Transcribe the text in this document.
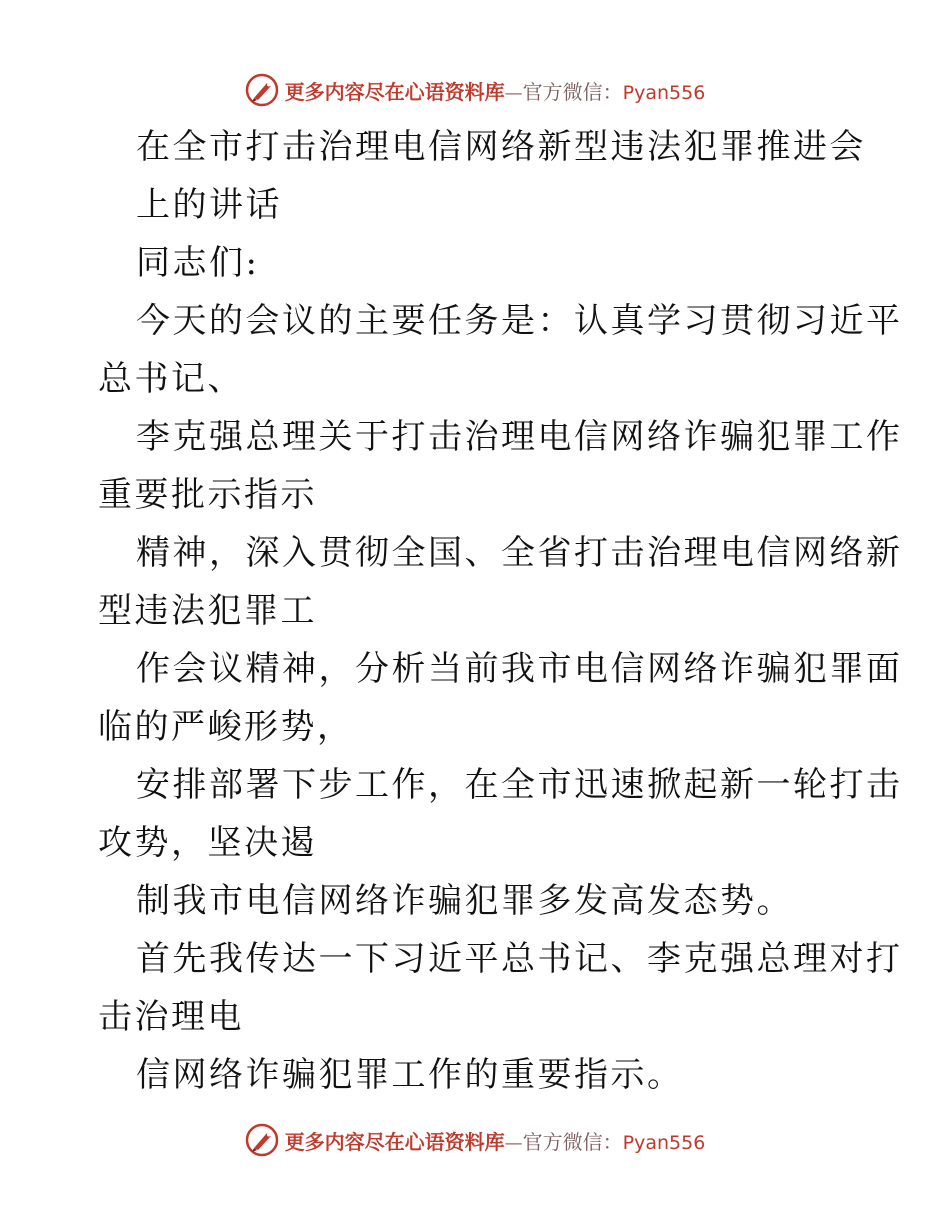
更多内容尽在心语资料库 — 官方微信： Pyan556
在全市打击治理电信网络新型违法犯罪推进会
上的讲话
同志们:
今天的会议的主要任务是：认真学习贯彻习近平
总书记、
李克强总理关于打击治理电信网络诈骗犯罪工作
重要批示指示
精神，深入贯彻全国、全省打击治理电信网络新
型违法犯罪工
作会议精神，分析当前我市电信网络诈骗犯罪面
临的严峻形势，
安排部署下步工作，在全市迅速掀起新一轮打击
攻势，坚决遏
制我市电信网络诈骗犯罪多发高发态势。
首先我传达一下习近平总书记、李克强总理对打
击治理电
信网络诈骗犯罪工作的重要指示。
更多内容尽在心语资料库 — 官方微信： Pyan556
